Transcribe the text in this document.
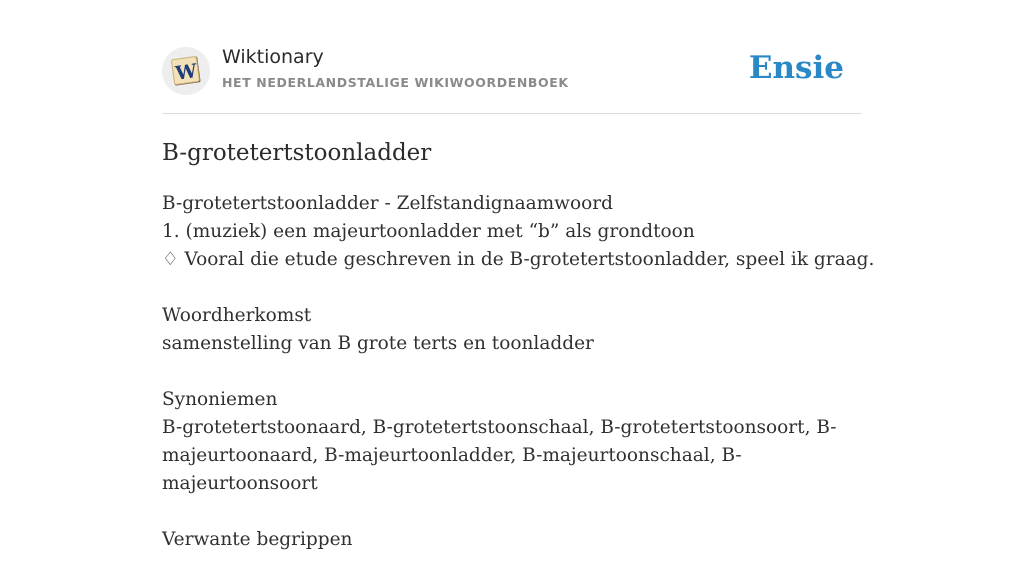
W
Wiktionary
HET NEDERLANDSTALIGE WIKIWOORDENBOEK	Ensie
B-grotetertstoonladder
B-grotetertstoonladder - Zelfstandignaamwoord
1. (muziek) een majeurtoonladder met “b” als grondtoon
♢ Vooral die etude geschreven in de B-grotetertstoonladder, speel ik graag.
Woordherkomst
samenstelling van B grote terts en toonladder
Synoniemen
B-grotetertstoonaard, B-grotetertstoonschaal, B-grotetertstoonsoort, B-majeurtoonaard, B-majeurtoonladder, B-majeurtoonschaal, B-majeurtoonsoort
Verwante begrippen
